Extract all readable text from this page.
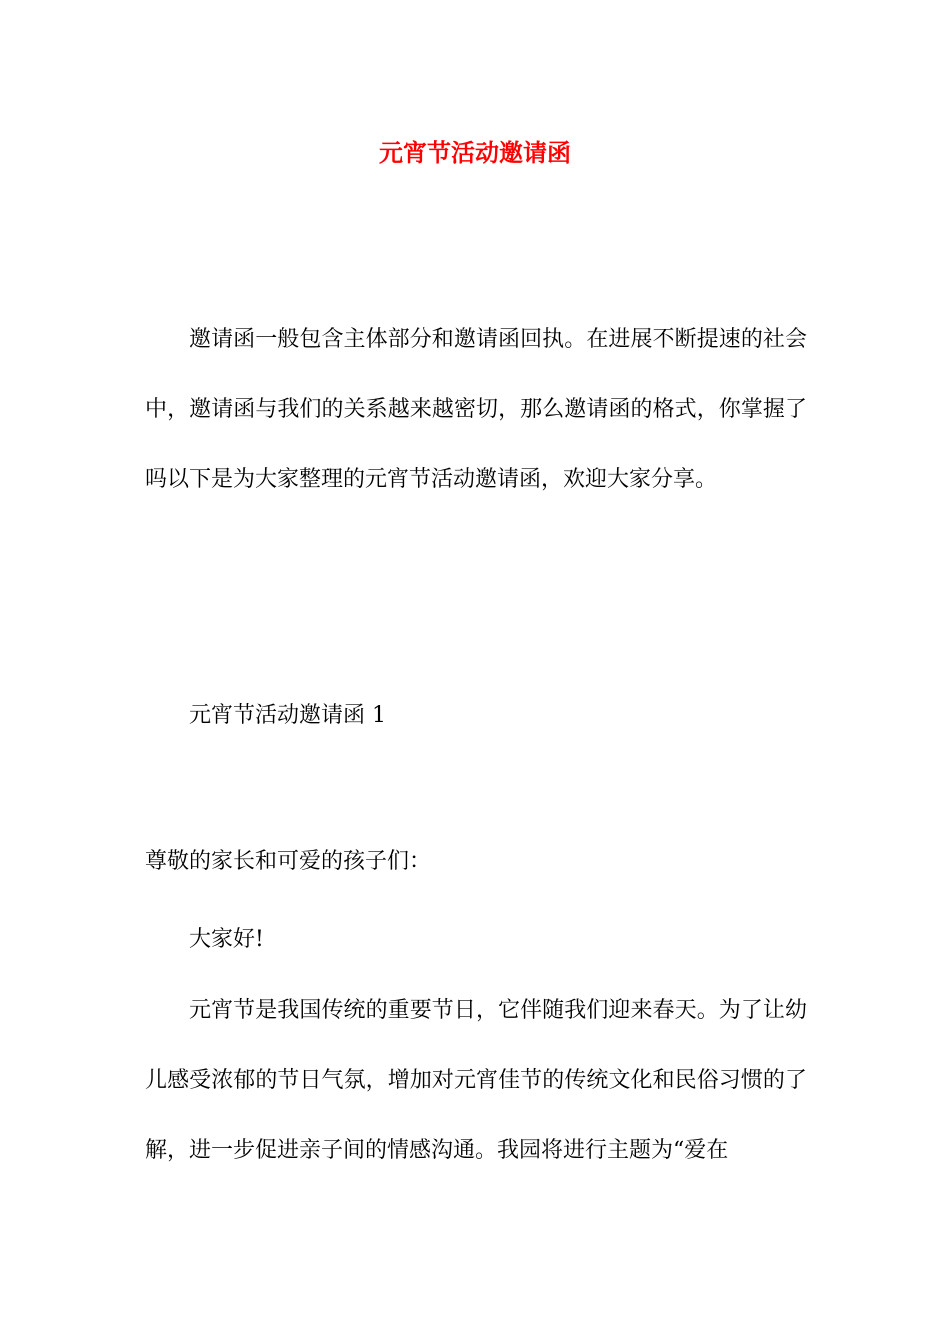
元宵节活动邀请函

邀请函一般包含主体部分和邀请函回执。在进展不断提速的社会中，邀请函与我们的关系越来越密切，那么邀请函的格式，你掌握了吗以下是为大家整理的元宵节活动邀请函，欢迎大家分享。

元宵节活动邀请函 1

尊敬的家长和可爱的孩子们：

大家好!

元宵节是我国传统的重要节日，它伴随我们迎来春天。为了让幼儿感受浓郁的节日气氛，增加对元宵佳节的传统文化和民俗习惯的了解，进一步促进亲子间的情感沟通。我园将进行主题为“爱在
